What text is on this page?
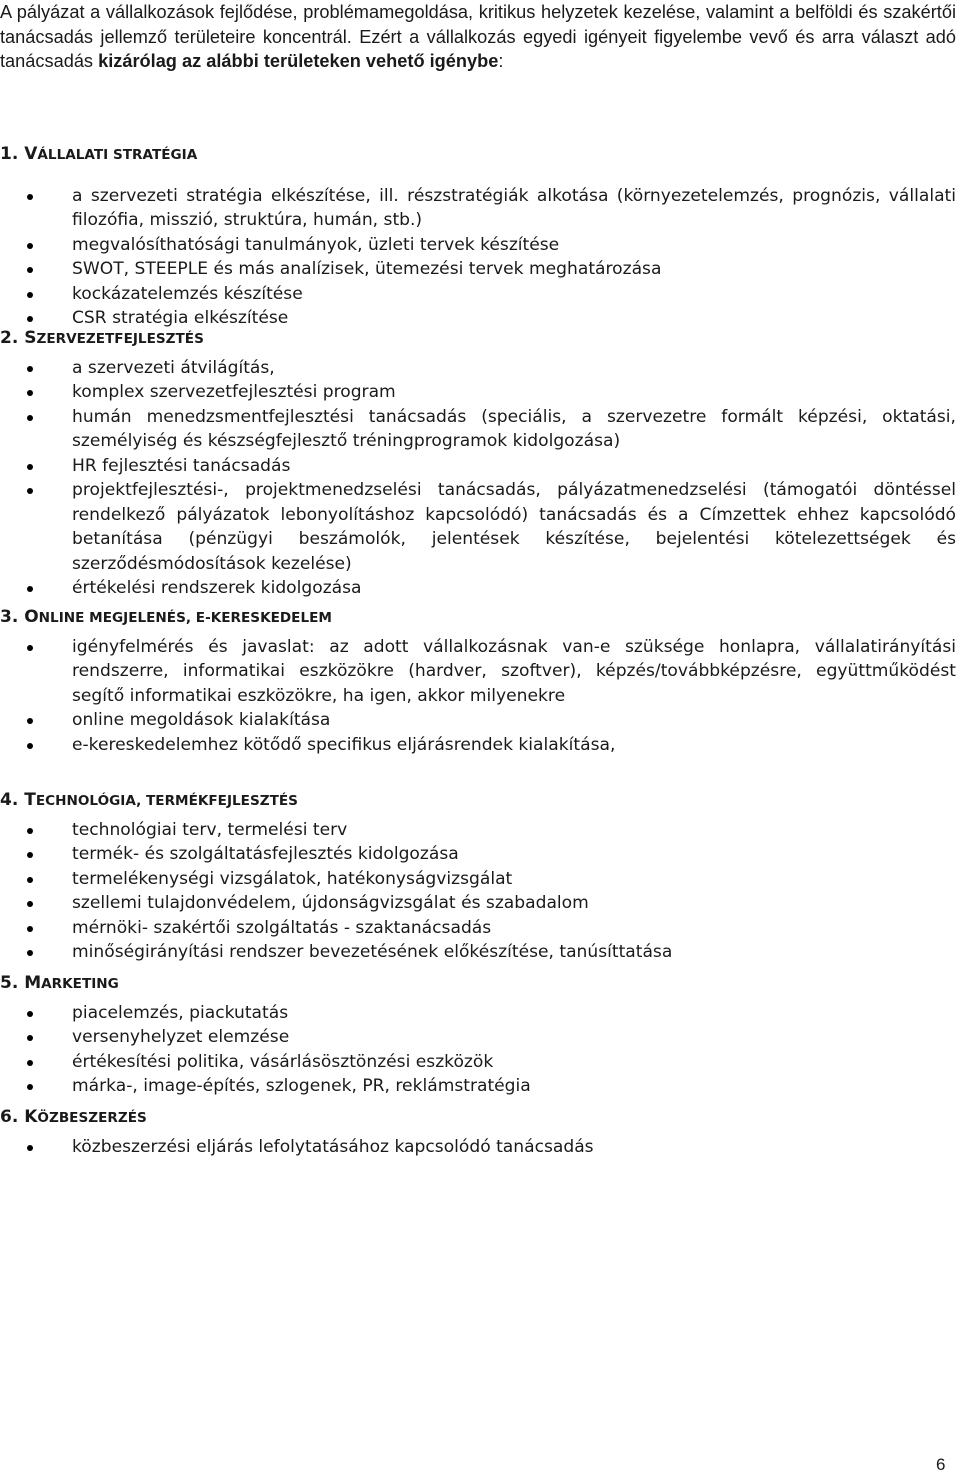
A pályázat a vállalkozások fejlődése, problémamegoldása, kritikus helyzetek kezelése, valamint a belföldi és szakértői tanácsadás jellemző területeire koncentrál. Ezért a vállalkozás egyedi igényeit figyelembe vevő és arra választ adó tanácsadás kizárólag az alábbi területeken vehető igénybe:

1. VÁLLALATI STRATÉGIA
a szervezeti stratégia elkészítése, ill. részstratégiák alkotása (környezetelemzés, prognózis, vállalati filozófia, misszió, struktúra, humán, stb.)
megvalósíthatósági tanulmányok, üzleti tervek készítése
SWOT, STEEPLE és más analízisek, ütemezési tervek meghatározása
kockázatelemzés készítése
CSR stratégia elkészítése
2. SZERVEZETFEJLESZTÉS
a szervezeti átvilágítás,
komplex szervezetfejlesztési program
humán menedzsmentfejlesztési tanácsadás (speciális, a szervezetre formált képzési, oktatási, személyiség és készségfejlesztő tréningprogramok kidolgozása)
HR fejlesztési tanácsadás
projektfejlesztési-, projektmenedzselési tanácsadás, pályázatmenedzselési (támogatói döntéssel rendelkező pályázatok lebonyolításhoz kapcsolódó) tanácsadás és a Címzettek ehhez kapcsolódó betanítása (pénzügyi beszámolók, jelentések készítése, bejelentési kötelezettségek és szerződésmódosítások kezelése)
értékelési rendszerek kidolgozása
3. ONLINE MEGJELENÉS, E-KERESKEDELEM
igényfelmérés és javaslat: az adott vállalkozásnak van-e szüksége honlapra, vállalatirányítási rendszerre, informatikai eszközökre (hardver, szoftver), képzés/továbbképzésre, együttműködést segítő informatikai eszközökre, ha igen, akkor milyenekre
online megoldások kialakítása
e-kereskedelemhez kötődő specifikus eljárásrendek kialakítása,
4. TECHNOLÓGIA, TERMÉKFEJLESZTÉS
technológiai terv, termelési terv
termék- és szolgáltatásfejlesztés kidolgozása
termelékenységi vizsgálatok, hatékonyságvizsgálat
szellemi tulajdonvédelem, újdonságvizsgálat és szabadalom
mérnöki- szakértői szolgáltatás - szaktanácsadás
minőségirányítási rendszer bevezetésének előkészítése, tanúsíttatása
5. MARKETING
piacelemzés, piackutatás
versenyhelyzet elemzése
értékesítési politika, vásárlásösztönzési eszközök
márka-, image-építés, szlogenek, PR, reklámstratégia
6. KÖZBESZERZÉS
közbeszerzési eljárás lefolytatásához kapcsolódó tanácsadás
6
